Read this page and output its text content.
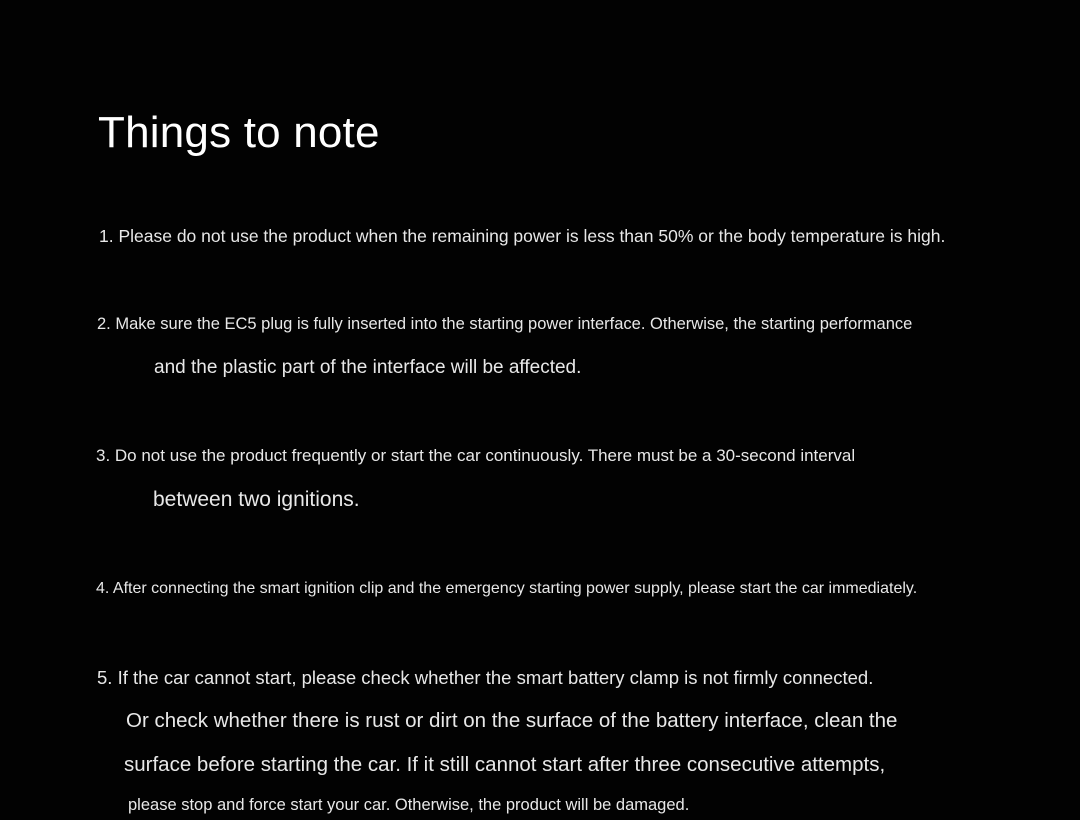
Things to note
1. Please do not use the product when the remaining power is less than 50% or the body temperature is high.
2. Make sure the EC5 plug is fully inserted into the starting power interface. Otherwise, the starting performance
and the plastic part of the interface will be affected.
3. Do not use the product frequently or start the car continuously. There must be a 30-second interval
between two ignitions.
4. After connecting the smart ignition clip and the emergency starting power supply, please start the car immediately.
5. If the car cannot start, please check whether the smart battery clamp is not firmly connected.
Or check whether there is rust or dirt on the surface of the battery interface, clean the
surface before starting the car. If it still cannot start after three consecutive attempts,
please stop and force start your car. Otherwise, the product will be damaged.
